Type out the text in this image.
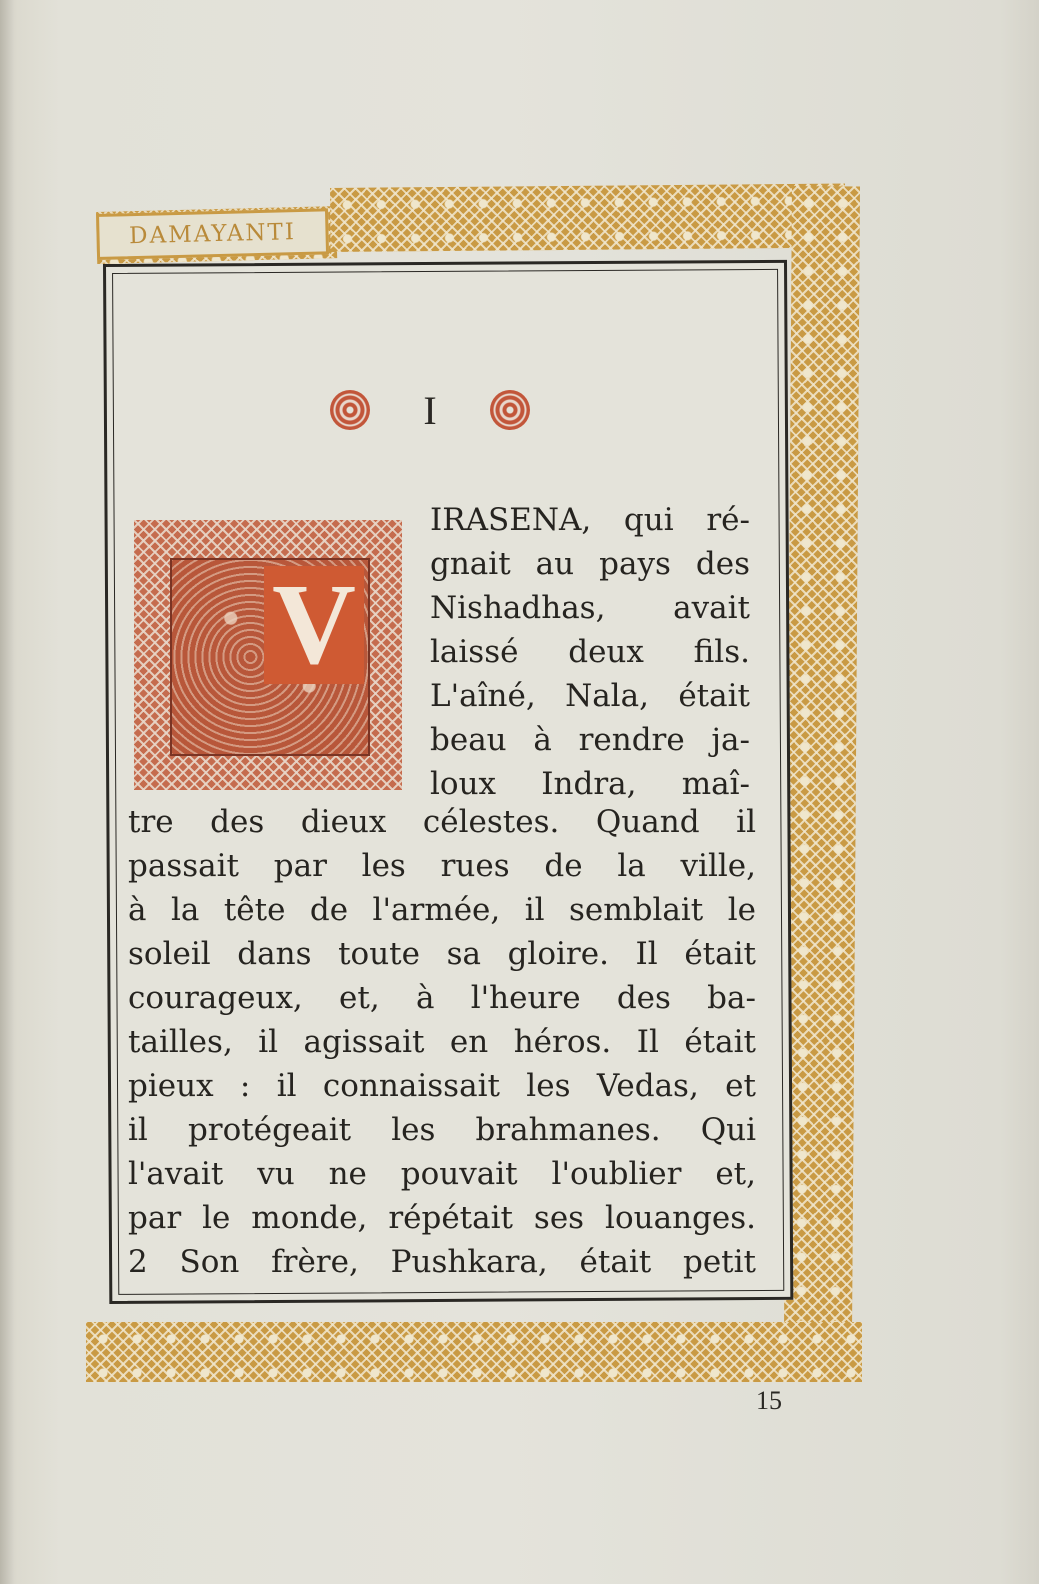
DAMAYANTI
I
V
IRASENA, qui ré-
gnait au pays des
Nishadhas, avait
laissé deux fils.
L'aîné, Nala, était
beau à rendre ja-
loux Indra, maî-
tre des dieux célestes. Quand il
passait par les rues de la ville,
à la tête de l'armée, il semblait le
soleil dans toute sa gloire. Il était
courageux, et, à l'heure des ba-
tailles, il agissait en héros. Il était
pieux : il connaissait les Vedas, et
il protégeait les brahmanes. Qui
l'avait vu ne pouvait l'oublier et,
par le monde, répétait ses louanges.
2 Son frère, Pushkara, était petit
15
